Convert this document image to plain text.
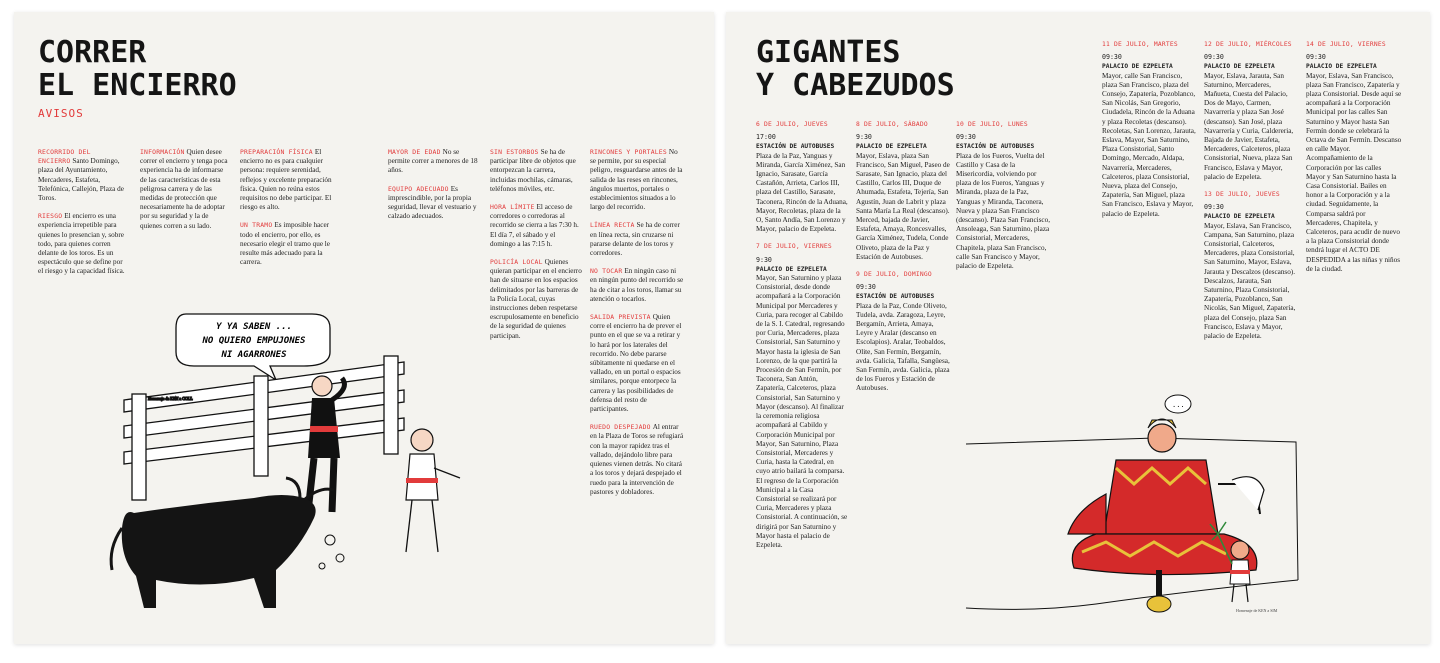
CORRER
EL ENCIERRO
AVISOS

RECORRIDO DEL ENCIERRO Santo Domingo, plaza del Ayuntamiento, Mercaderes, Estafeta, Telefónica, Callejón, Plaza de Toros.

RIESGO El encierro es una experiencia irrepetible para quienes lo presencian y, sobre todo, para quienes corren delante de los toros. Es un espectáculo que se define por el riesgo y la capacidad física.

INFORMACIÓN Quien desee correr el encierro y tenga poca experiencia ha de informarse de las características de esta peligrosa carrera y de las medidas de protección que necesariamente ha de adoptar por su seguridad y la de quienes corren a su lado.

PREPARACIÓN FÍSICA El encierro no es para cualquier persona: requiere serenidad, reflejos y excelente preparación física. Quien no reúna estos requisitos no debe participar. El riesgo es alto.

UN TRAMO Es imposible hacer todo el encierro, por ello, es necesario elegir el tramo que le resulte más adecuado para la carrera.

MAYOR DE EDAD No se permite correr a menores de 18 años.

EQUIPO ADECUADO Es imprescindible, por la propia seguridad, llevar el vestuario y calzado adecuados.

SIN ESTORBOS Se ha de participar libre de objetos que entorpezcan la carrera, incluidas mochilas, cámaras, teléfonos móviles, etc.

HORA LÍMITE El acceso de corredores o corredoras al recorrido se cierra a las 7:30 h. El día 7, el sábado y el domingo a las 7:15 h.

POLICÍA LOCAL Quienes quieran participar en el encierro han de situarse en los espacios delimitados por las barreras de la Policía Local, cuyas instrucciones deben respetarse escrupulosamente en beneficio de la seguridad de quienes participan.

RINCONES Y PORTALES No se permite, por su especial peligro, resguardarse antes de la salida de las reses en rincones, ángulos muertos, portales o establecimientos situados a lo largo del recorrido.

LÍNEA RECTA Se ha de correr en línea recta, sin cruzarse ni pararse delante de los toros y corredores.

NO TOCAR En ningún caso ni en ningún punto del recorrido se ha de citar a los toros, llamar su atención o tocarlos.

SALIDA PREVISTA Quien corre el encierro ha de prever el punto en el que se va a retirar y lo hará por los laterales del recorrido. No debe pararse súbitamente ni quedarse en el vallado, en un portal o espacios similares, porque entorpece la carrera y las posibilidades de defensa del resto de participantes.

RUEDO DESPEJADO Al entrar en la Plaza de Toros se refugiará con la mayor rapidez tras el vallado, dejándolo libre para quienes vienen detrás. No citará a los toros y dejará despejado el ruedo para la intervención de pastores y dobladores.

Y YA SABEN ...
NO QUIERO EMPUJONES
NI AGARRONES
Homenaje de KEN a COLL
GIGANTES
Y CABEZUDOS
6 DE JULIO, JUEVES
17:00
ESTACIÓN DE AUTOBUSES
Plaza de la Paz, Yanguas y Miranda, García Ximénez, San Ignacio, Sarasate, García Castañón, Arrieta, Carlos III, plaza del Castillo, Sarasate, Taconera, Rincón de la Aduana, Mayor, Recoletas, plaza de la O, Santo Andía, San Lorenzo y Mayor, palacio de Ezpeleta.
7 DE JULIO, VIERNES
9:30
PALACIO DE EZPELETA
Mayor, San Saturnino y plaza Consistorial, desde donde acompañará a la Corporación Municipal por Mercaderes y Curia, para recoger al Cabildo de la S. I. Catedral, regresando por Curia, Mercaderes, plaza Consistorial, San Saturnino y Mayor hasta la iglesia de San Lorenzo, de la que partirá la Procesión de San Fermín, por Taconera, San Antón, Zapatería, Calceteros, plaza Consistorial, San Saturnino y Mayor (descanso). Al finalizar la ceremonia religiosa acompañará al Cabildo y Corporación Municipal por Mayor, San Saturnino, Plaza Consistorial, Mercaderes y Curia, hasta la Catedral, en cuyo atrio bailará la comparsa. El regreso de la Corporación Municipal a la Casa Consistorial se realizará por Curia, Mercaderes y plaza Consistorial. A continuación, se dirigirá por San Saturnino y Mayor hasta el palacio de Ezpeleta.
8 DE JULIO, SÁBADO
9:30
PALACIO DE EZPELETA
Mayor, Eslava, plaza San Francisco, San Miguel, Paseo de Sarasate, San Ignacio, plaza del Castillo, Carlos III, Duque de Ahumada, Estafeta, Tejería, San Agustín, Juan de Labrit y plaza Santa María La Real (descanso). Merced, bajada de Javier, Estafeta, Amaya, Roncesvalles, García Ximénez, Tudela, Conde Oliveto, plaza de la Paz y Estación de Autobuses.
9 DE JULIO, DOMINGO
09:30
ESTACIÓN DE AUTOBUSES
Plaza de la Paz, Conde Oliveto, Tudela, avda. Zaragoza, Leyre, Bergamín, Arrieta, Amaya, Leyre y Aralar (descanso en Escolapios). Aralar, Teobaldos, Olite, San Fermín, Bergamín, avda. Galicia, Tafalla, Sangüesa, San Fermín, avda. Galicia, plaza de los Fueros y Estación de Autobuses.
10 DE JULIO, LUNES
09:30
ESTACIÓN DE AUTOBUSES
Plaza de los Fueros, Vuelta del Castillo y Casa de la Misericordia, volviendo por plaza de los Fueros, Yanguas y Miranda, plaza de la Paz, Yanguas y Miranda, Taconera, Nueva y plaza San Francisco (descanso). Plaza San Francisco, Ansoleaga, San Saturnino, plaza Consistorial, Mercaderes, Chapitela, plaza San Francisco, calle San Francisco y Mayor, palacio de Ezpeleta.
11 DE JULIO, MARTES
09:30
PALACIO DE EZPELETA
Mayor, calle San Francisco, plaza San Francisco, plaza del Consejo, Zapatería, Pozoblanco, San Nicolás, San Gregorio, Ciudadela, Rincón de la Aduana y plaza Recoletas (descanso). Recoletas, San Lorenzo, Jarauta, Eslava, Mayor, San Saturnino, Plaza Consistorial, Santo Domingo, Mercado, Aldapa, Navarrería, Mercaderes, Calceteros, plaza Consistorial, Nueva, plaza del Consejo, Zapatería, San Miguel, plaza San Francisco, Eslava y Mayor, palacio de Ezpeleta.
12 DE JULIO, MIÉRCOLES
09:30
PALACIO DE EZPELETA
Mayor, Eslava, Jarauta, San Saturnino, Mercaderes, Mañueta, Cuesta del Palacio, Dos de Mayo, Carmen, Navarrería y plaza San José (descanso). San José, plaza Navarrería y Curia, Caldereria, Bajada de Javier, Estafeta, Mercaderes, Calceteros, plaza Consistorial, Nueva, plaza San Francisco, Eslava y Mayor, palacio de Ezpeleta.
13 DE JULIO, JUEVES
09:30
PALACIO DE EZPELETA
Mayor, Eslava, San Francisco, Campana, San Saturnino, plaza Consistorial, Calceteros, Mercaderes, plaza Consistorial, San Saturnino, Mayor, Eslava, Jarauta y Descalzos (descanso). Descalzos, Jarauta, San Saturnino, Plaza Consistorial, Zapatería, Pozoblanco, San Nicolás, San Miguel, Zapatería, plaza del Consejo, plaza San Francisco, Eslava y Mayor, palacio de Ezpeleta.
14 DE JULIO, VIERNES
09:30
PALACIO DE EZPELETA
Mayor, Eslava, San Francisco, plaza San Francisco, Zapatería y plaza Consistorial. Desde aquí se acompañará a la Corporación Municipal por las calles San Saturnino y Mayor hasta San Fermín donde se celebrará la Octava de San Fermín. Descanso en calle Mayor. Acompañamiento de la Corporación por las calles Mayor y San Saturnino hasta la Casa Consistorial. Bailes en honor a la Corporación y a la ciudad. Seguidamente, la Comparsa saldrá por Mercaderes, Chapitela, y Calceteros, para acudir de nuevo a la plaza Consistorial donde tendrá lugar el ACTO DE DESPEDIDA a las niñas y niños de la ciudad.
...
Homenaje de KEN a SIM
